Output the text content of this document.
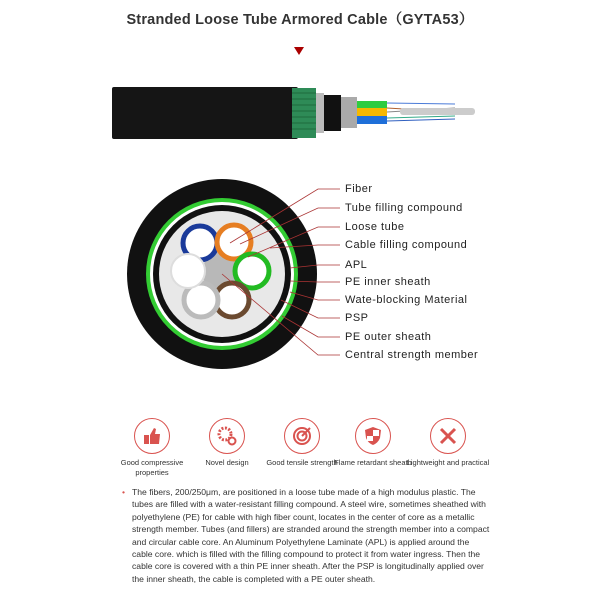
Stranded Loose Tube Armored Cable（GYTA53）
Fiber
Tube filling compound
Loose tube
Cable filling compound
APL
PE inner sheath
Wate-blocking Material
PSP
PE outer sheath
Central strength member
Good compressive properties
Novel design	Good tensile strength
Flame retardant sheath
Lightweight and practical
• The fibers, 200/250μm, are positioned in a loose tube made of a high modulus plastic. The tubes are filled with a water-resistant filling compound. A steel wire, sometimes sheathed with polyethylene (PE) for cable with high fiber count, locates in the center of core as a metallic strength member. Tubes (and fillers) are stranded around the strength member into a compact and circular cable core. An Aluminum Polyethylene Laminate (APL) is applied around the cable core. which is filled with the filling compound to protect it from water ingress. Then the cable core is covered with a thin PE inner sheath. After the PSP is longitudinally applied over the inner sheath, the cable is completed with a PE outer sheath.
